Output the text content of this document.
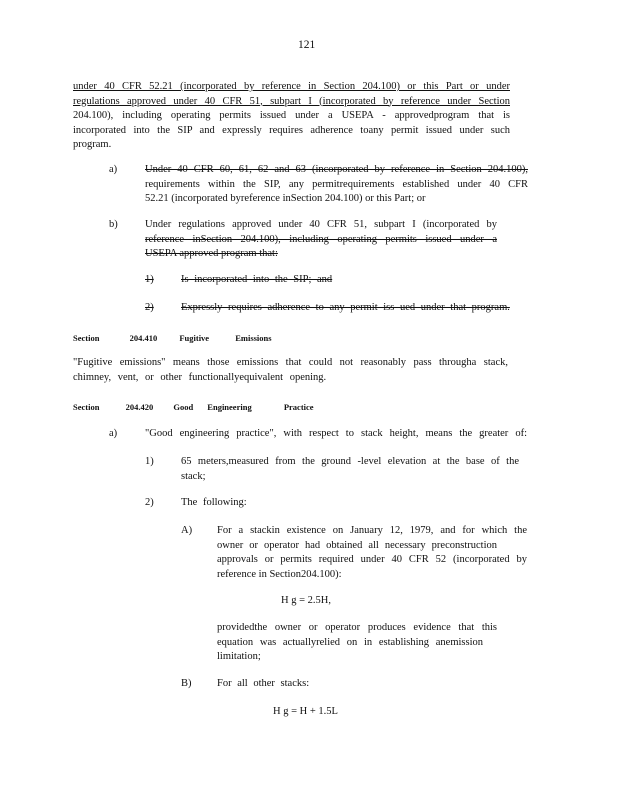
121
under 40 CFR 52.21 (incorporated by reference in Section 204.100) or this Part or under
regulations approved under 40 CFR 51, subpart I (incorporated by reference under Section
204.100), including operating permits issued under a USEPA - approvedprogram that is
incorporated into the SIP and expressly requires adherence toany permit issued under such
program.
a)	Under 40 CFR 60, 61, 62 and 63 (incorporated by reference in Section 204.100),
requirements within the SIP, any permitrequirements established under 40 CFR
52.21 (incorporated byreference inSection 204.100) or this Part; or
b)	Under regulations approved under 40 CFR 51, subpart I (incorporated by
reference inSection 204.100), including operating permits issued under a
USEPA approved program that:
1)	Is incorporated into the SIP; and
2)	Expressly requires adherence to any permit iss ued under that program.
Section	204.410	Fugitive	Emissions
"Fugitive emissions" means those emissions that could not reasonably pass througha stack,
chimney, vent, or other functionallyequivalent opening.
Section	204.420 Good Engineering	Practice
a)	"Good engineering practice", with respect to stack height, means the greater of:
1)	65 meters,measured from the ground -level elevation at the base of the
stack;
2)	The following:
A) For a stackin existence on January 12, 1979, and for which the
owner or operator had obtained all necessary preconstruction
approvals or permits required under 40 CFR 52 (incorporated by
reference in Section204.100):
H g = 2.5H,
providedthe owner or operator produces evidence that this
equation was actuallyrelied on in establishing anemission
limitation;
B) For all other stacks:
H g = H + 1.5L
